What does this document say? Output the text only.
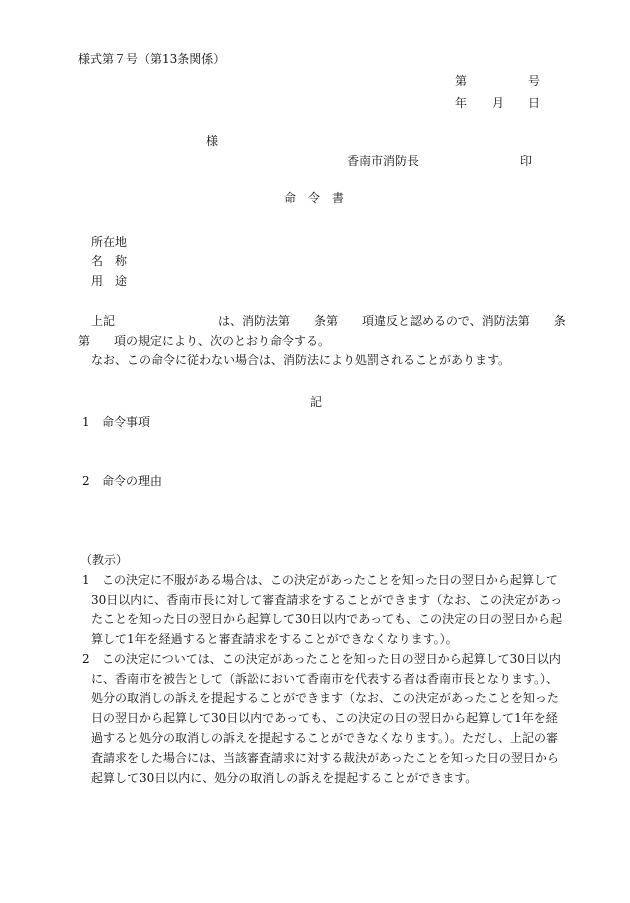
様式第７号（第13条関係）
第	号
年 月 日
様
香南市消防長	印
命　令　書
所在地
名　称
用　途
上記	は、消防法第　　条第　　項違反と認めるので、消防法第　　条
第　　項の規定により、次のとおり命令する。
なお、この命令に従わない場合は、消防法により処罰されることがあります。
記
1 命令事項
2 命令の理由
（教示）
1 この決定に不服がある場合は、この決定があったことを知った日の翌日から起算して
30日以内に、香南市長に対して審査請求をすることができます（なお、この決定があっ
たことを知った日の翌日から起算して30日以内であっても、この決定の日の翌日から起
算して1年を経過すると審査請求をすることができなくなります。）。
2 この決定については、この決定があったことを知った日の翌日から起算して30日以内
に、香南市を被告として（訴訟において香南市を代表する者は香南市長となります。）、
処分の取消しの訴えを提起することができます（なお、この決定があったことを知った
日の翌日から起算して30日以内であっても、この決定の日の翌日から起算して1年を経
過すると処分の取消しの訴えを提起することができなくなります。）。ただし、上記の審
査請求をした場合には、当該審査請求に対する裁決があったことを知った日の翌日から
起算して30日以内に、処分の取消しの訴えを提起することができます。
